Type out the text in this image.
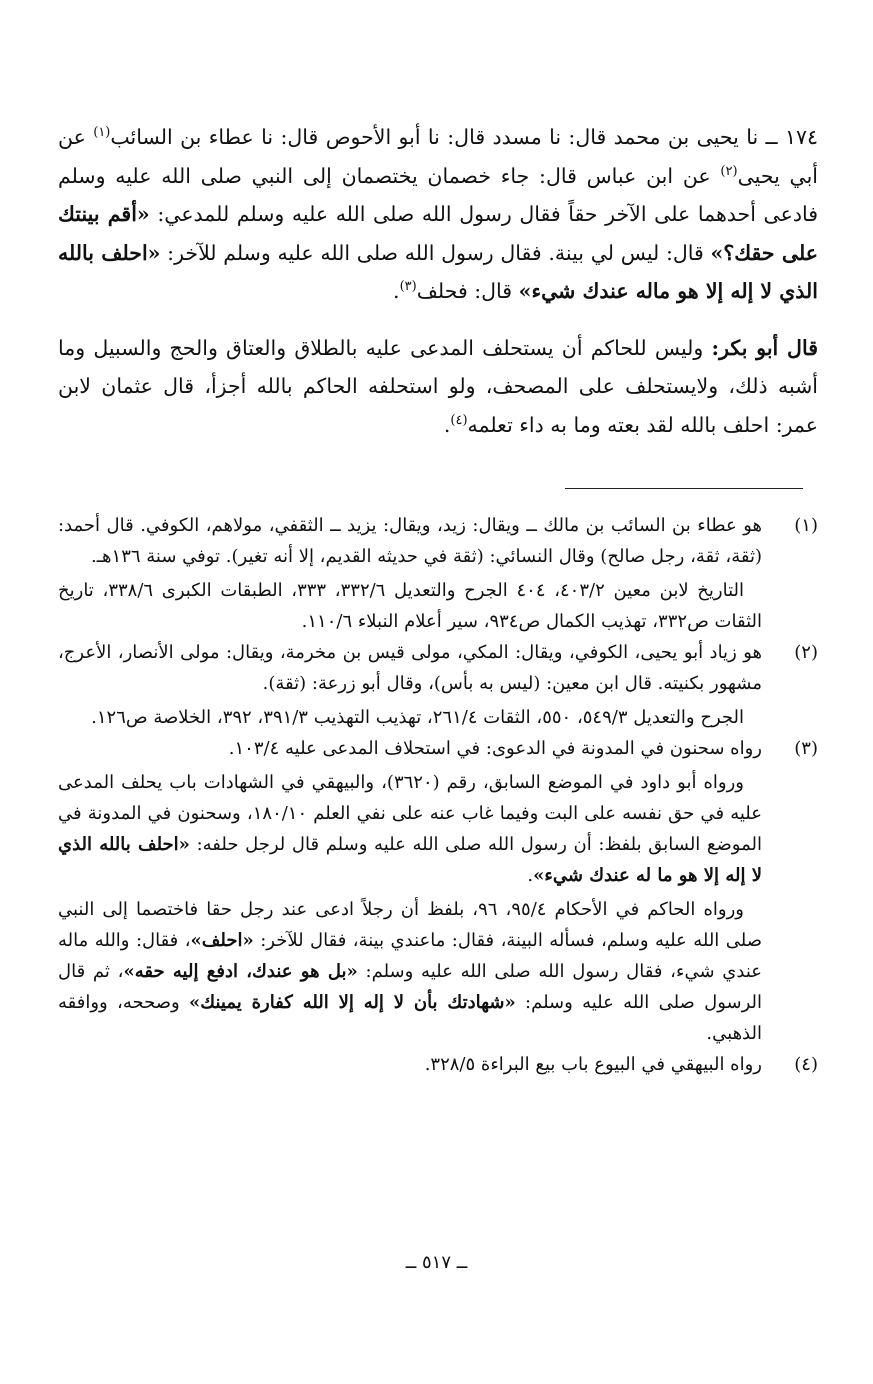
١٧٤ ــ نا يحيى بن محمد قال: نا مسدد قال: نا أبو الأحوص قال: نا عطاء بن السائب$^{(١)}$ عن أبي يحيى$^{(٢)}$ عن ابن عباس قال: جاء خصمان يختصمان إلى النبي صلى الله عليه وسلم فادعى أحدهما على الآخر حقاً فقال رسول الله صلى الله عليه وسلم للمدعي: «أقم بينتك على حقك؟» قال: ليس لي بينة. فقال رسول الله صلى الله عليه وسلم للآخر: «احلف بالله الذي لا إله إلا هو ماله عندك شيء» قال: فحلف$^{(٣)}$.

قال أبو بكر: وليس للحاكم أن يستحلف المدعى عليه بالطلاق والعتاق والحج والسبيل وما أشبه ذلك، ولايستحلف على المصحف، ولو استحلفه الحاكم بالله أجزأ، قال عثمان لابن عمر: احلف بالله لقد بعته وما به داء تعلمه$^{(٤)}$.

(١)

هو عطاء بن السائب بن مالك ــ ويقال: زيد، ويقال: يزيد ــ الثقفي، مولاهم، الكوفي. قال أحمد: (ثقة، ثقة، رجل صالح) وقال النسائي: (ثقة في حديثه القديم، إلا أنه تغير). توفي سنة ١٣٦هـ.

التاريخ لابن معين ٤٠٣/٢، ٤٠٤ الجرح والتعديل ٣٣٢/٦، ٣٣٣، الطبقات الكبرى ٣٣٨/٦، تاريخ الثقات ص٣٣٢، تهذيب الكمال ص٩٣٤، سير أعلام النبلاء ١١٠/٦.

(٢)

هو زياد أبو يحيى، الكوفي، ويقال: المكي، مولى قيس بن مخرمة، ويقال: مولى الأنصار، الأعرج، مشهور بكنيته. قال ابن معين: (ليس به بأس)، وقال أبو زرعة: (ثقة).

الجرح والتعديل ٥٤٩/٣، ٥٥٠، الثقات ٢٦١/٤، تهذيب التهذيب ٣٩١/٣، ٣٩٢، الخلاصة ص١٢٦.

(٣)

رواه سحنون في المدونة في الدعوى: في استحلاف المدعى عليه ١٠٣/٤.

ورواه أبو داود في الموضع السابق، رقم (٣٦٢٠)، والبيهقي في الشهادات باب يحلف المدعى عليه في حق نفسه على البت وفيما غاب عنه على نفي العلم ١٨٠/١٠، وسحنون في المدونة في الموضع السابق بلفظ: أن رسول الله صلى الله عليه وسلم قال لرجل حلفه: «احلف بالله الذي لا إله إلا هو ما له عندك شيء».

ورواه الحاكم في الأحكام ٩٥/٤، ٩٦، بلفظ أن رجلاً ادعى عند رجل حقا فاختصما إلى النبي صلى الله عليه وسلم، فسأله البينة، فقال: ماعندي بينة، فقال للآخر: «احلف»، فقال: والله ماله عندي شيء، فقال رسول الله صلى الله عليه وسلم: «بل هو عندك، ادفع إليه حقه»، ثم قال الرسول صلى الله عليه وسلم: «شهادتك بأن لا إله إلا الله كفارة يمينك» وصححه، ووافقه الذهبي.

(٤)

رواه البيهقي في البيوع باب بيع البراءة ٣٢٨/٥.

ــ ٥١٧ ــ
